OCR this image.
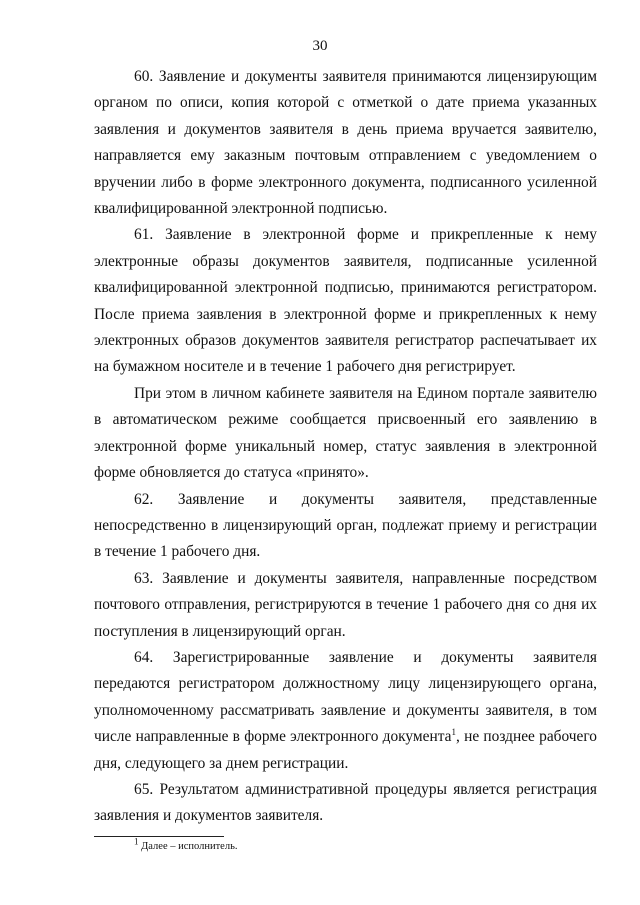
30

60. Заявление и документы заявителя принимаются лицензирующим органом по описи, копия которой с отметкой о дате приема указанных заявления и документов заявителя в день приема вручается заявителю, направляется ему заказным почтовым отправлением с уведомлением о вручении либо в форме электронного документа, подписанного усиленной квалифицированной электронной подписью.

61. Заявление в электронной форме и прикрепленные к нему электронные образы документов заявителя, подписанные усиленной квалифицированной электронной подписью, принимаются регистратором. После приема заявления в электронной форме и прикрепленных к нему электронных образов документов заявителя регистратор распечатывает их на бумажном носителе и в течение 1 рабочего дня регистрирует.

При этом в личном кабинете заявителя на Едином портале заявителю в автоматическом режиме сообщается присвоенный его заявлению в электронной форме уникальный номер, статус заявления в электронной форме обновляется до статуса «принято».

62. Заявление и документы заявителя, представленные непосредственно в лицензирующий орган, подлежат приему и регистрации в течение 1 рабочего дня.

63. Заявление и документы заявителя, направленные посредством почтового отправления, регистрируются в течение 1 рабочего дня со дня их поступления в лицензирующий орган.

64. Зарегистрированные заявление и документы заявителя передаются регистратором должностному лицу лицензирующего органа, уполномоченному рассматривать заявление и документы заявителя, в том числе направленные в форме электронного документа$^1$, не позднее рабочего дня, следующего за днем регистрации.

65. Результатом административной процедуры является регистрация заявления и документов заявителя.

$^1$ Далее – исполнитель.
